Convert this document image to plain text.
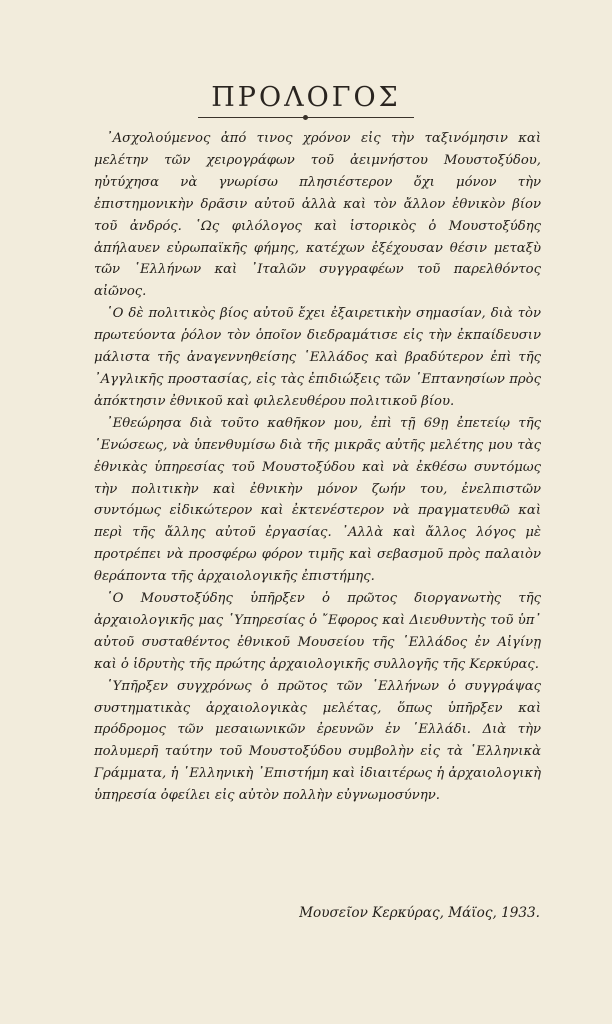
ΠΡΟΛΟΓΟΣ

᾽Ασχολούμενος ἀπό τινος χρόνον εἰς τὴν ταξινόμησιν καὶ μελέτην τῶν χειρογράφων τοῦ ἀειμνήστου Μουστοξύδου, ηὐτύχησα νὰ γνωρίσω πλησιέστερον ὄχι μόνον τὴν ἐπιστημονικὴν δρᾶσιν αὐτοῦ ἀλλὰ καὶ τὸν ἄλλον ἐθνικὸν βίον τοῦ ἀνδρός. ῾Ως φιλόλογος καὶ ἱστορικὸς ὁ Μουστοξύδης ἀπήλαυεν εὐρωπαϊκῆς φήμης, κατέχων ἐξέχουσαν θέσιν μεταξὺ τῶν ῾Ελλήνων καὶ ᾽Ιταλῶν συγγραφέων τοῦ παρελθόντος αἰῶνος.

῾Ο δὲ πολιτικὸς βίος αὐτοῦ ἔχει ἐξαιρετικὴν σημασίαν, διὰ τὸν πρωτεύοντα ῥόλον τὸν ὁποῖον διεδραμάτισε εἰς τὴν ἐκπαίδευσιν μάλιστα τῆς ἀναγεννηθείσης ῾Ελλάδος καὶ βραδύτερον ἐπὶ τῆς ᾽Αγγλικῆς προστασίας, εἰς τὰς ἐπιδιώξεις τῶν ῾Επτανησίων πρὸς ἀπόκτησιν ἐθνικοῦ καὶ φιλελευθέρου πολιτικοῦ βίου.

᾽Εθεώρησα διὰ τοῦτο καθῆκον μου, ἐπὶ τῇ 69ῃ ἐπετείῳ τῆς ῾Ενώσεως, νὰ ὑπενθυμίσω διὰ τῆς μικρᾶς αὐτῆς μελέτης μου τὰς ἐθνικὰς ὑπηρεσίας τοῦ Μουστοξύδου καὶ νὰ ἐκθέσω συντόμως τὴν πολιτικὴν καὶ ἐθνικὴν μόνον ζωήν του, ἐνελπιστῶν συντόμως εἰδικώτερον καὶ ἐκτενέστερον νὰ πραγματευθῶ καὶ περὶ τῆς ἄλλης αὐτοῦ ἐργασίας. ᾽Αλλὰ καὶ ἄλλος λόγος μὲ προτρέπει νὰ προσφέρω φόρον τιμῆς καὶ σεβασμοῦ πρὸς παλαιὸν θεράποντα τῆς ἀρχαιολογικῆς ἐπιστήμης.

῾Ο Μουστοξύδης ὑπῆρξεν ὁ πρῶτος διοργανωτὴς τῆς ἀρχαιολογικῆς μας ῾Υπηρεσίας ὁ ῎Εφορος καὶ Διευθυντὴς τοῦ ὑπ᾽ αὐτοῦ συσταθέντος ἐθνικοῦ Μουσείου τῆς ῾Ελλάδος ἐν Αἰγίνῃ καὶ ὁ ἱδρυτὴς τῆς πρώτης ἀρχαιολογικῆς συλλογῆς τῆς Κερκύρας.

῾Υπῆρξεν συγχρόνως ὁ πρῶτος τῶν ῾Ελλήνων ὁ συγγράψας συστηματικὰς ἀρχαιολογικὰς μελέτας, ὅπως ὑπῆρξεν καὶ πρόδρομος τῶν μεσαιωνικῶν ἐρευνῶν ἐν ῾Ελλάδι. Διὰ τὴν πολυμερῆ ταύτην τοῦ Μουστοξύδου συμβολὴν εἰς τὰ ῾Ελληνικὰ Γράμματα, ἡ ῾Ελληνικὴ ᾽Επιστήμη καὶ ἰδιαιτέρως ἡ ἀρχαιολογικὴ ὑπηρεσία ὀφείλει εἰς αὐτὸν πολλὴν εὐγνωμοσύνην.

Μουσεῖον Κερκύρας, Μάϊος, 1933.
